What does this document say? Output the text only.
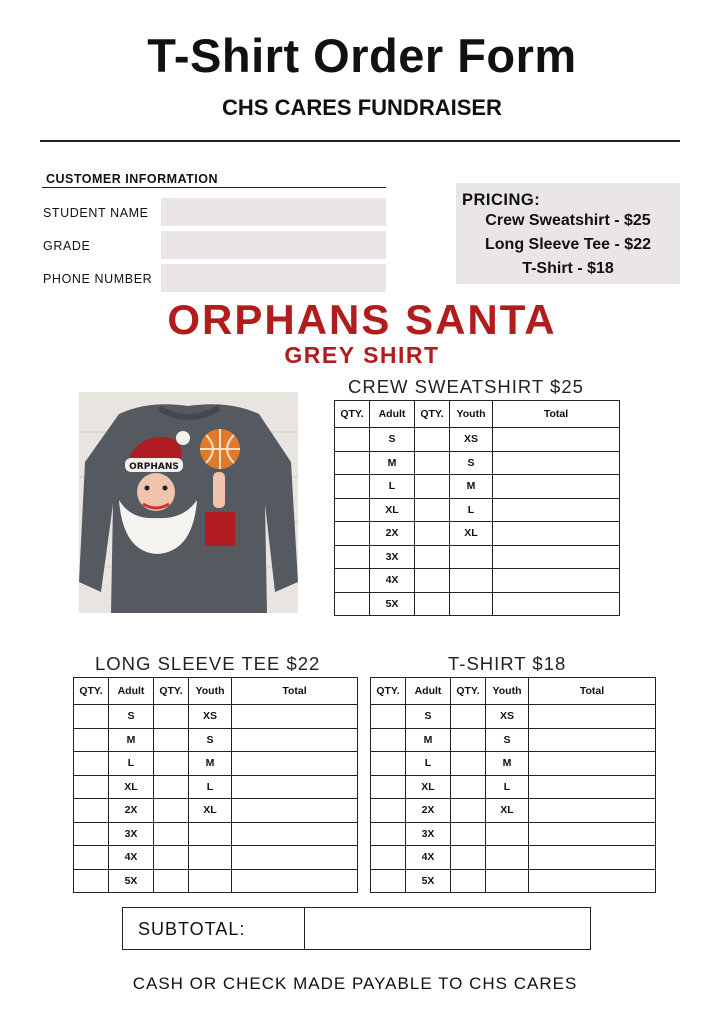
T-Shirt Order Form
CHS CARES FUNDRAISER
CUSTOMER INFORMATION
STUDENT NAME
GRADE
PHONE NUMBER
PRICING:
Crew Sweatshirt - $25
Long Sleeve Tee - $22
T-Shirt - $18
ORPHANS SANTA
GREY SHIRT
CREW SWEATSHIRT $25
ORPHANS
QTY.	Adult	QTY.	Youth	Total
	S		XS	
	M		S	
	L		M	
	XL		L	
	2X		XL	
	3X			
	4X			
	5X			
LONG SLEEVE TEE $22	T-SHIRT $18
QTY.	Adult	QTY.	Youth	Total
	S		XS	
	M		S	
	L		M	
	XL		L	
	2X		XL	
	3X			
	4X			
	5X			
QTY.	Adult	QTY.	Youth	Total
	S		XS	
	M		S	
	L		M	
	XL		L	
	2X		XL	
	3X			
	4X			
	5X			
SUBTOTAL:
CASH OR CHECK MADE PAYABLE TO CHS CARES
